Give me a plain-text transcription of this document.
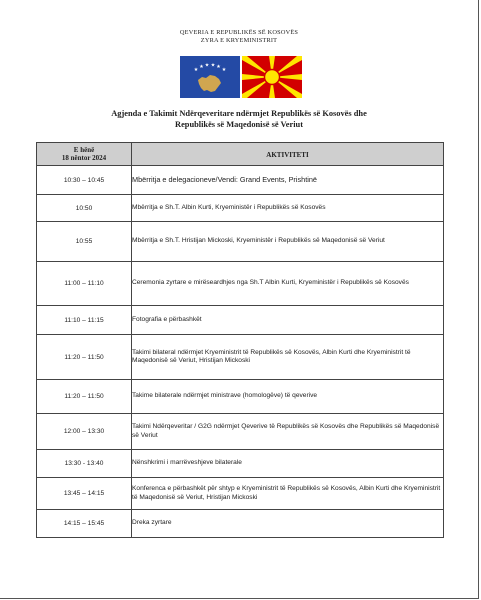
QEVERIA E REPUBLIKËS SË KOSOVËS
ZYRA E KRYEMINISTRIT
★ ★ ★ ★ ★ ★
Agjenda e Takimit Ndërqeveritare ndërmjet Republikës së Kosovës dhe
Republikës së Maqedonisë së Veriut
E hënë
18 nëntor 2024	AKTIVITETI
10:30 – 10:45	Mbërritja e delegacioneve/Vendi: Grand Events, Prishtinë
10:50	Mbërritja e Sh.T. Albin Kurti, Kryeministër i Republikës së Kosovës
10:55	Mbërritja e Sh.T. Hristijan Mickoski, Kryeministër i Republikës së Maqedonisë së Veriut
11:00 – 11:10	Ceremonia zyrtare e mirëseardhjes nga Sh.T Albin Kurti, Kryeministër i Republikës së Kosovës
11:10 – 11:15	Fotografia e përbashkët
11:20 – 11:50	Takimi bilateral ndërmjet Kryeministrit të Republikës së Kosovës, Albin Kurti dhe Kryeministrit të Maqedonisë së Veriut, Hristijan Mickoski
11:20 – 11:50	Takime bilaterale ndërmjet ministrave (homologëve) të qeverive
12:00 – 13:30	Takimi Ndërqeveritar / G2G ndërmjet Qeverive të Republikës së Kosovës dhe Republikës së Maqedonisë së Veriut
13:30 - 13:40	Nënshkrimi i marrëveshjeve bilaterale
13:45 – 14:15	Konferenca e përbashkët për shtyp e Kryeministrit të Republikës së Kosovës, Albin Kurti dhe Kryeministrit të Maqedonisë së Veriut, Hristijan Mickoski
14:15 – 15:45	Dreka zyrtare
